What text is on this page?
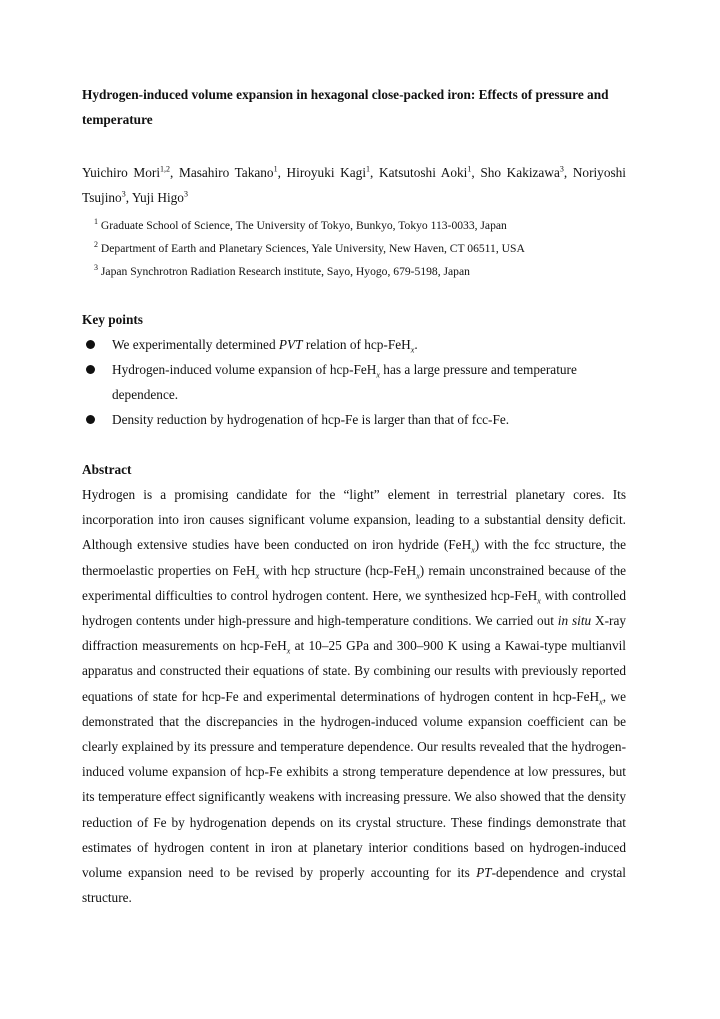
Hydrogen-induced volume expansion in hexagonal close-packed iron: Effects of pressure and temperature
Yuichiro Mori$^{1,2}$, Masahiro Takano$^1$, Hiroyuki Kagi$^1$, Katsutoshi Aoki$^1$, Sho Kakizawa$^3$, Noriyoshi Tsujino$^3$, Yuji Higo$^3$
$^1$ Graduate School of Science, The University of Tokyo, Bunkyo, Tokyo 113-0033, Japan
$^2$ Department of Earth and Planetary Sciences, Yale University, New Haven, CT 06511, USA
$^3$ Japan Synchrotron Radiation Research institute, Sayo, Hyogo, 679-5198, Japan
Key points
We experimentally determined PVT relation of hcp-FeH$_x$.
Hydrogen-induced volume expansion of hcp-FeH$_x$ has a large pressure and temperature dependence.
Density reduction by hydrogenation of hcp-Fe is larger than that of fcc-Fe.
Abstract

Hydrogen is a promising candidate for the “light” element in terrestrial planetary cores. Its incorporation into iron causes significant volume expansion, leading to a substantial density deficit. Although extensive studies have been conducted on iron hydride (FeH$_x$) with the fcc structure, the thermoelastic properties on FeH$_x$ with hcp structure (hcp-FeH$_x$) remain unconstrained because of the experimental difficulties to control hydrogen content. Here, we synthesized hcp-FeH$_x$ with controlled hydrogen contents under high-pressure and high-temperature conditions. We carried out in situ X-ray diffraction measurements on hcp-FeH$_x$ at 10–25 GPa and 300–900 K using a Kawai-type multianvil apparatus and constructed their equations of state. By combining our results with previously reported equations of state for hcp-Fe and experimental determinations of hydrogen content in hcp-FeH$_x$, we demonstrated that the discrepancies in the hydrogen-induced volume expansion coefficient can be clearly explained by its pressure and temperature dependence. Our results revealed that the hydrogen-induced volume expansion of hcp-Fe exhibits a strong temperature dependence at low pressures, but its temperature effect significantly weakens with increasing pressure. We also showed that the density reduction of Fe by hydrogenation depends on its crystal structure. These findings demonstrate that estimates of hydrogen content in iron at planetary interior conditions based on hydrogen-induced volume expansion need to be revised by properly accounting for its PT-dependence and crystal structure.
